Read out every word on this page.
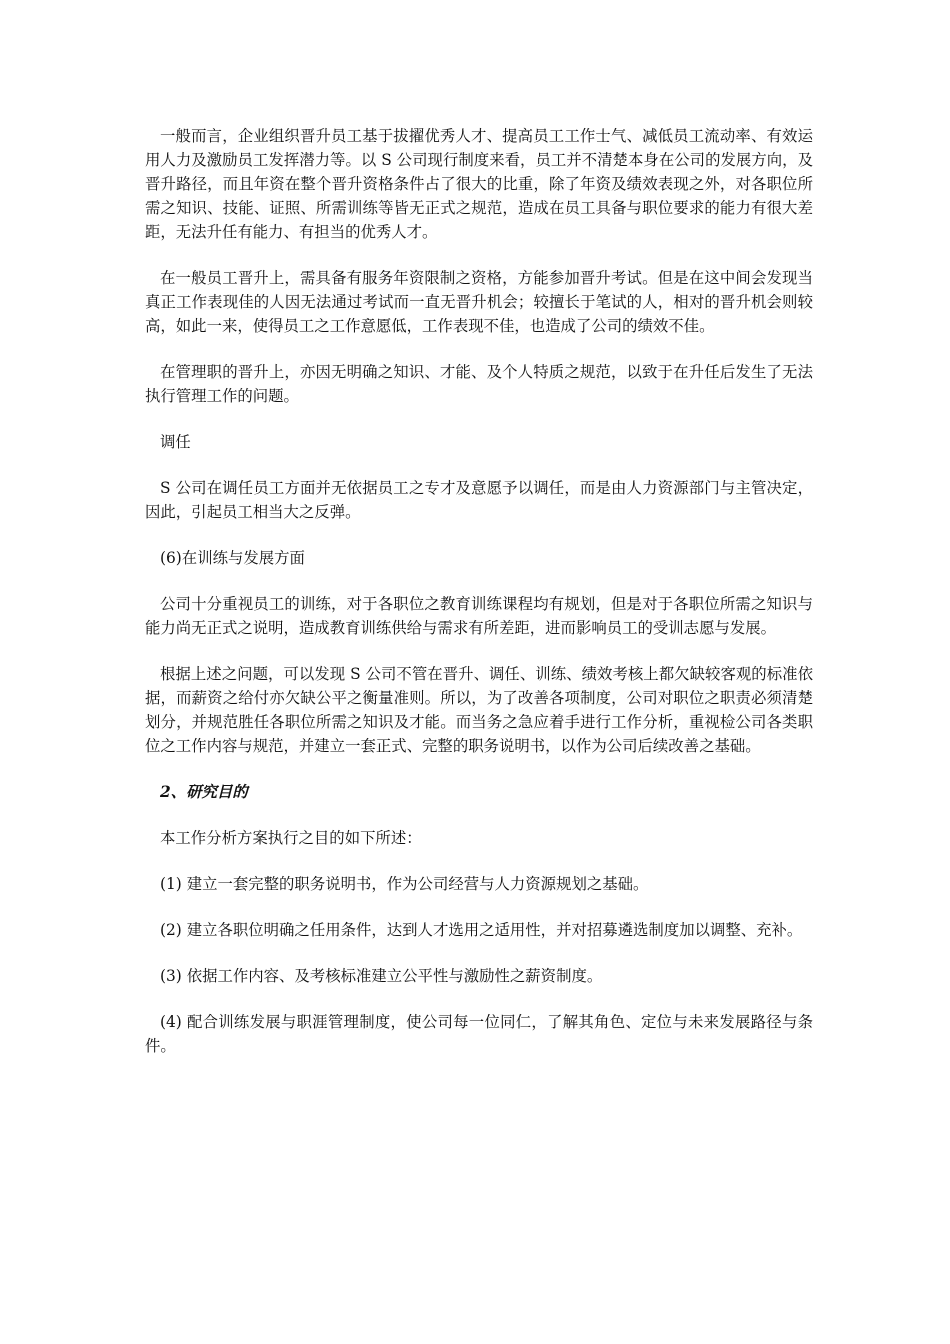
一般而言，企业组织晋升员工基于拔擢优秀人才、提高员工工作士气、减低员工流动率、有效运用人力及激励员工发挥潜力等。以 S 公司现行制度来看，员工并不清楚本身在公司的发展方向，及晋升路径，而且年资在整个晋升资格条件占了很大的比重，除了年资及绩效表现之外，对各职位所需之知识、技能、证照、所需训练等皆无正式之规范，造成在员工具备与职位要求的能力有很大差距，无法升任有能力、有担当的优秀人才。

在一般员工晋升上，需具备有服务年资限制之资格，方能参加晋升考试。但是在这中间会发现当真正工作表现佳的人因无法通过考试而一直无晋升机会；较擅长于笔试的人，相对的晋升机会则较高，如此一来，使得员工之工作意愿低，工作表现不佳，也造成了公司的绩效不佳。

在管理职的晋升上，亦因无明确之知识、才能、及个人特质之规范，以致于在升任后发生了无法执行管理工作的问题。

调任

S 公司在调任员工方面并无依据员工之专才及意愿予以调任，而是由人力资源部门与主管决定，因此，引起员工相当大之反弹。

(6)在训练与发展方面

公司十分重视员工的训练，对于各职位之教育训练课程均有规划，但是对于各职位所需之知识与能力尚无正式之说明，造成教育训练供给与需求有所差距，进而影响员工的受训志愿与发展。

根据上述之问题，可以发现 S 公司不管在晋升、调任、训练、绩效考核上都欠缺较客观的标准依据，而薪资之给付亦欠缺公平之衡量准则。所以，为了改善各项制度，公司对职位之职责必须清楚划分，并规范胜任各职位所需之知识及才能。而当务之急应着手进行工作分析，重视检公司各类职位之工作内容与规范，并建立一套正式、完整的职务说明书，以作为公司后续改善之基础。

2、研究目的

本工作分析方案执行之目的如下所述：

(1) 建立一套完整的职务说明书，作为公司经营与人力资源规划之基础。

(2) 建立各职位明确之任用条件，达到人才选用之适用性，并对招募遴选制度加以调整、充补。

(3) 依据工作内容、及考核标准建立公平性与激励性之薪资制度。

(4) 配合训练发展与职涯管理制度，使公司每一位同仁，了解其角色、定位与未来发展路径与条件。
